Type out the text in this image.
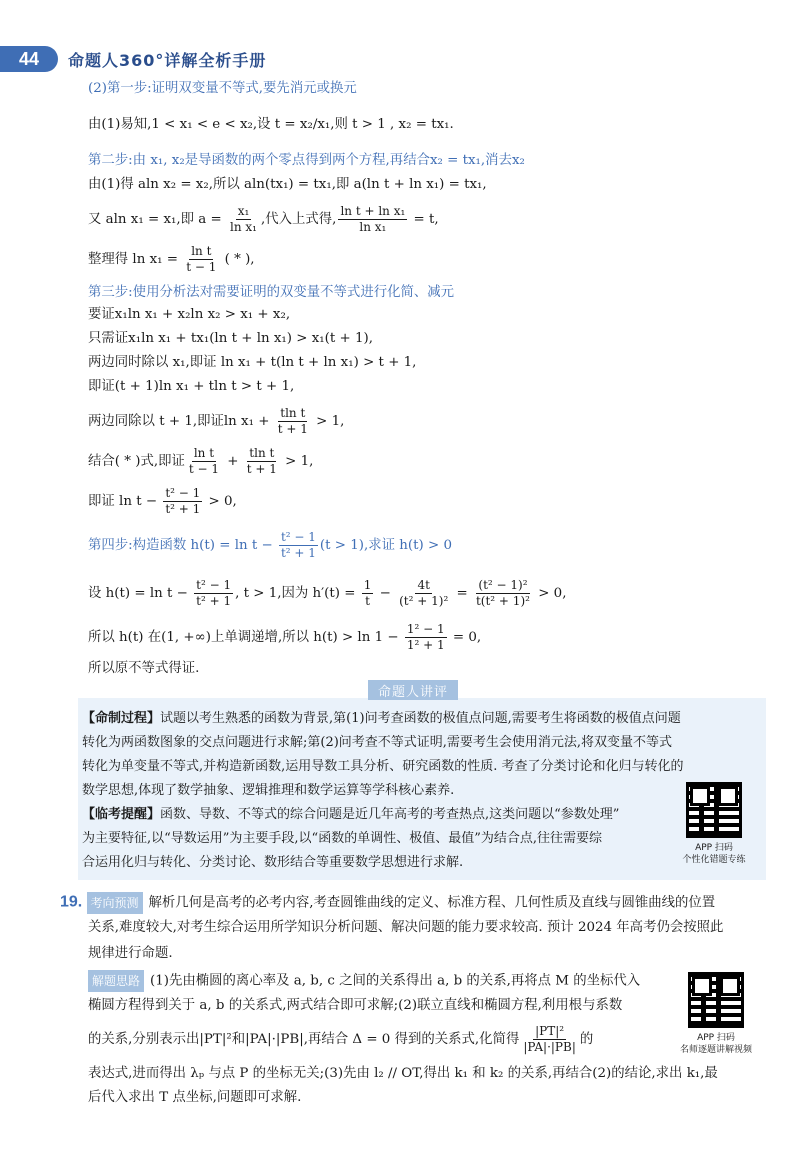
44	命题人360°详解全析手册
(2)第一步:证明双变量不等式,要先消元或换元
由(1)易知,1 < x₁ < e < x₂,设 t = x₂/x₁,则 t > 1 , x₂ = tx₁.
第二步:由 x₁, x₂是导函数的两个零点得到两个方程,再结合x₂ = tx₁,消去x₂
由(1)得 aln x₂ = x₂,所以 aln(tx₁) = tx₁,即 a(ln t + ln x₁) = tx₁,
又 aln x₁ = x₁,即 $a = \frac{\text{x₁}}{\text{ln x₁}}$ ,代入上式得, $\frac{\text{ln t + ln x₁}}{\text{ln x₁}} = t$,
整理得 $\ln x_1 = \frac{\text{ln t}}{t - 1}$ ( * ),
第三步:使用分析法对需要证明的双变量不等式进行化简、减元
要证x₁ln x₁ + x₂ln x₂ > x₁ + x₂,
只需证x₁ln x₁ + tx₁(ln t + ln x₁) > x₁(t + 1),
两边同时除以 x₁,即证 ln x₁ + t(ln t + ln x₁) > t + 1,
即证(t + 1)ln x₁ + tln t > t + 1,
两边同除以 t + 1,即证$\ln x_1 + \frac{\text{tln t}}{t + 1} > 1$,
结合( * )式,即证 $\frac{\text{ln t}}{t - 1} + \frac{\text{tln t}}{t + 1} > 1$,
即证 $\ln t - \frac{\text{t² − 1}}{\text{t² + 1}} > 0$,
第四步:构造函数 $h(t) = \ln t - \frac{\text{t² − 1}}{\text{t² + 1}} (t > 1)$,求证 h(t) > 0
设 $h(t) = \ln t - \frac{\text{t² − 1}}{\text{t² + 1}}$ , t > 1,因为 $h'(t) = \frac{1}{t} - \frac{4t}{\text{(t² + 1)²}} = \frac{\text{(t² − 1)²}}{\text{t(t² + 1)²}} > 0$,
所以 h(t) 在(1, +∞)上单调递增,所以 $h(t) > \ln 1 - \frac{\text{1² − 1}}{\text{1² + 1}} = 0$,
所以原不等式得证.
命题人讲评
【命制过程】试题以考生熟悉的函数为背景,第(1)问考查函数的极值点问题,需要考生将函数的极值点问题
转化为两函数图象的交点问题进行求解;第(2)问考查不等式证明,需要考生会使用消元法,将双变量不等式
转化为单变量不等式,并构造新函数,运用导数工具分析、研究函数的性质. 考查了分类讨论和化归与转化的
数学思想,体现了数学抽象、逻辑推理和数学运算等学科核心素养.
【临考提醒】函数、导数、不等式的综合问题是近几年高考的考查热点,这类问题以“参数处理”
为主要特征,以“导数运用”为主要手段,以“函数的单调性、极值、最值”为结合点,往往需要综
合运用化归与转化、分类讨论、数形结合等重要数学思想进行求解.
APP 扫码
个性化错题专练
19. 考向预测 解析几何是高考的必考内容,考查圆锥曲线的定义、标准方程、几何性质及直线与圆锥曲线的位置
关系,难度较大,对考生综合运用所学知识分析问题、解决问题的能力要求较高. 预计 2024 年高考仍会按照此
规律进行命题.
解题思路 (1)先由椭圆的离心率及 a, b, c 之间的关系得出 a, b 的关系,再将点 M 的坐标代入
椭圆方程得到关于 a, b 的关系式,两式结合即可求解;(2)联立直线和椭圆方程,利用根与系数
的关系,分别表示出|PT|²和|PA|·|PB|,再结合 Δ = 0 得到的关系式,化简得 $\frac{\text{|PT|²}}{|PA|\cdot|PB|}$ 的
表达式,进而得出 λₚ 与点 P 的坐标无关;(3)先由 l₂ // OT,得出 k₁ 和 k₂ 的关系,再结合(2)的结论,求出 k₁,最
后代入求出 T 点坐标,问题即可求解.
APP 扫码
名师逐题讲解视频
